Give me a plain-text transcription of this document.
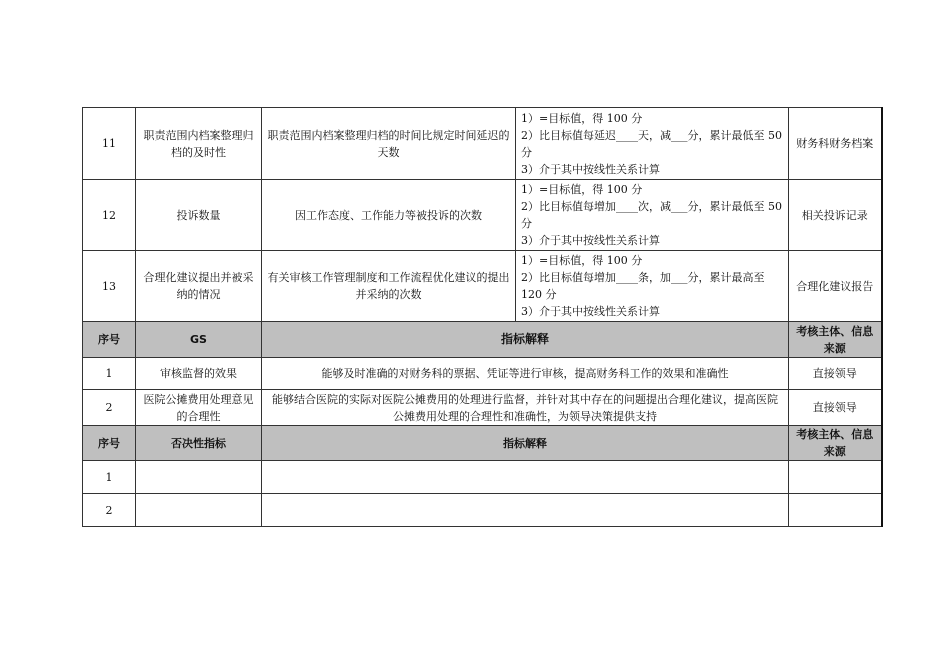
11	职责范围内档案整理归档的及时性	职责范围内档案整理归档的时间比规定时间延迟的天数	1）=目标值，得 100 分
2）比目标值每延迟____天，减___分，累计最低至 50 分
3）介于其中按线性关系计算	财务科财务档案
12	投诉数量	因工作态度、工作能力等被投诉的次数	1）=目标值，得 100 分
2）比目标值每增加____次，减___分，累计最低至 50 分
3）介于其中按线性关系计算	相关投诉记录
13	合理化建议提出并被采纳的情况	有关审核工作管理制度和工作流程优化建议的提出并采纳的次数	1）=目标值，得 100 分
2）比目标值每增加____条，加___分，累计最高至 120 分
3）介于其中按线性关系计算	合理化建议报告
序号	GS	指标解释		考核主体、信息来源
1	审核监督的效果	能够及时准确的对财务科的票据、凭证等进行审核，提高财务科工作的效果和准确性		直接领导
2	医院公摊费用处理意见的合理性	能够结合医院的实际对医院公摊费用的处理进行监督，并针对其中存在的问题提出合理化建议，提高医院公摊费用处理的合理性和准确性，为领导决策提供支持		直接领导
序号	否决性指标	指标解释		考核主体、信息来源
1				
2				
